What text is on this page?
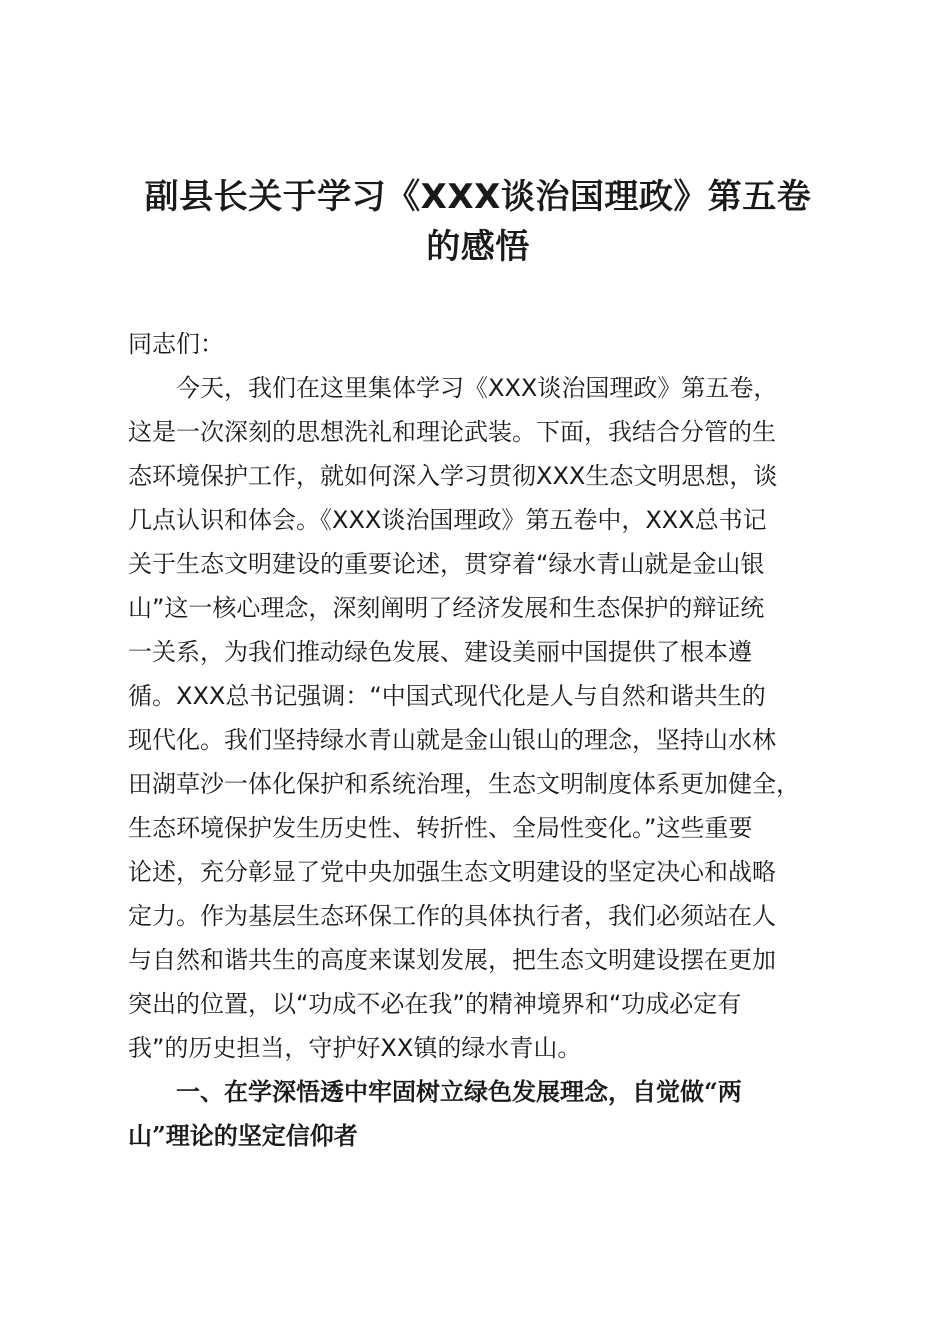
副县长关于学习《XXX谈治国理政》第五卷
的感悟
同志们：
今天，我们在这里集体学习《XXX谈治国理政》第五卷，
这是一次深刻的思想洗礼和理论武装。下面，我结合分管的生
态环境保护工作，就如何深入学习贯彻XXX生态文明思想，谈
几点认识和体会。《XXX谈治国理政》第五卷中，XXX总书记
关于生态文明建设的重要论述，贯穿着“绿水青山就是金山银
山”这一核心理念，深刻阐明了经济发展和生态保护的辩证统
一关系，为我们推动绿色发展、建设美丽中国提供了根本遵
循。XXX总书记强调：“中国式现代化是人与自然和谐共生的
现代化。我们坚持绿水青山就是金山银山的理念，坚持山水林
田湖草沙一体化保护和系统治理，生态文明制度体系更加健全，
生态环境保护发生历史性、转折性、全局性变化。”这些重要
论述，充分彰显了党中央加强生态文明建设的坚定决心和战略
定力。作为基层生态环保工作的具体执行者，我们必须站在人
与自然和谐共生的高度来谋划发展，把生态文明建设摆在更加
突出的位置，以“功成不必在我”的精神境界和“功成必定有
我”的历史担当，守护好XX镇的绿水青山。
一、在学深悟透中牢固树立绿色发展理念，自觉做“两
山”理论的坚定信仰者
